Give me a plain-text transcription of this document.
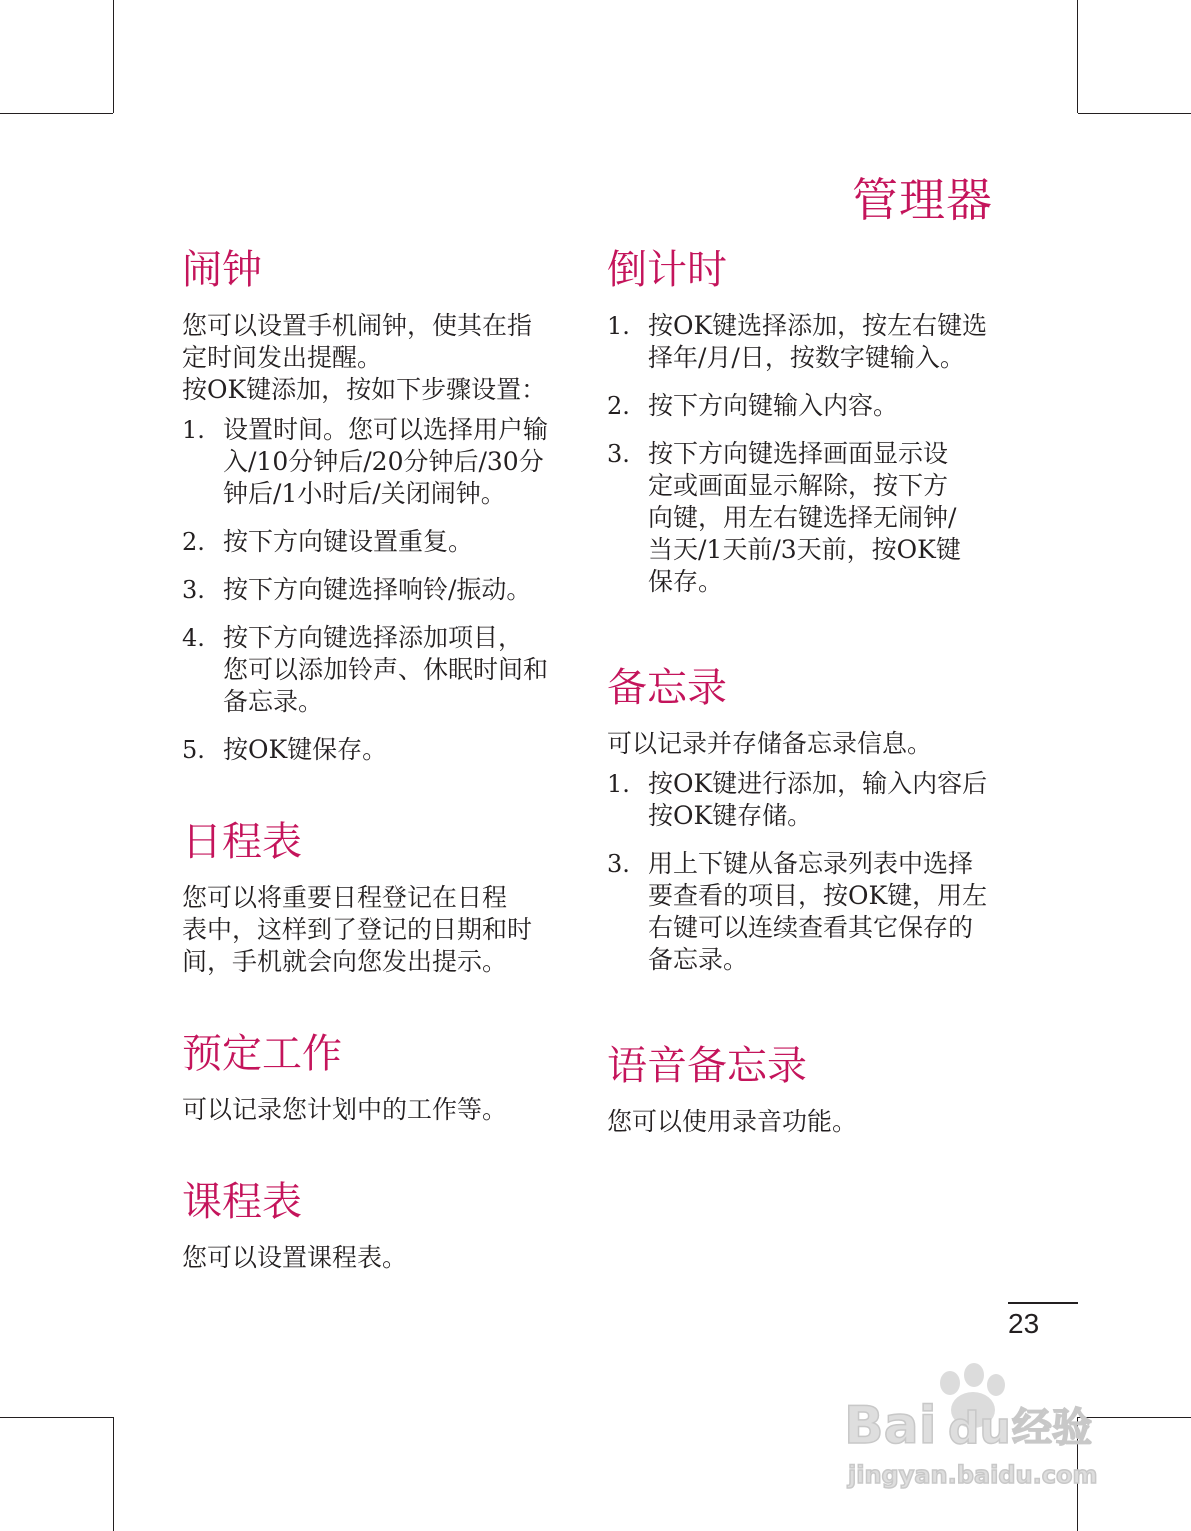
管理器
闹钟

您可以设置手机闹钟，使其在指
定时间发出提醒。
按OK键添加，按如下步骤设置：

1. 设置时间。您可以选择用户输
入/10分钟后/20分钟后/30分
钟后/1小时后/关闭闹钟。
2. 按下方向键设置重复。
3. 按下方向键选择响铃/振动。
4. 按下方向键选择添加项目，
您可以添加铃声、休眠时间和
备忘录。
5. 按OK键保存。
日程表

您可以将重要日程登记在日程
表中，这样到了登记的日期和时
间，手机就会向您发出提示。

预定工作

可以记录您计划中的工作等。

课程表

您可以设置课程表。

倒计时
1. 按OK键选择添加，按左右键选
择年/月/日，按数字键输入。
2. 按下方向键输入内容。
3. 按下方向键选择画面显示设
定或画面显示解除，按下方
向键，用左右键选择无闹钟/
当天/1天前/3天前，按OK键
保存。
备忘录

可以记录并存储备忘录信息。

1. 按OK键进行添加，输入内容后
按OK键存储。
3. 用上下键从备忘录列表中选择
要查看的项目，按OK键，用左
右键可以连续查看其它保存的
备忘录。
语音备忘录

您可以使用录音功能。

23
Bai du 经验
jingyan.baidu.com
